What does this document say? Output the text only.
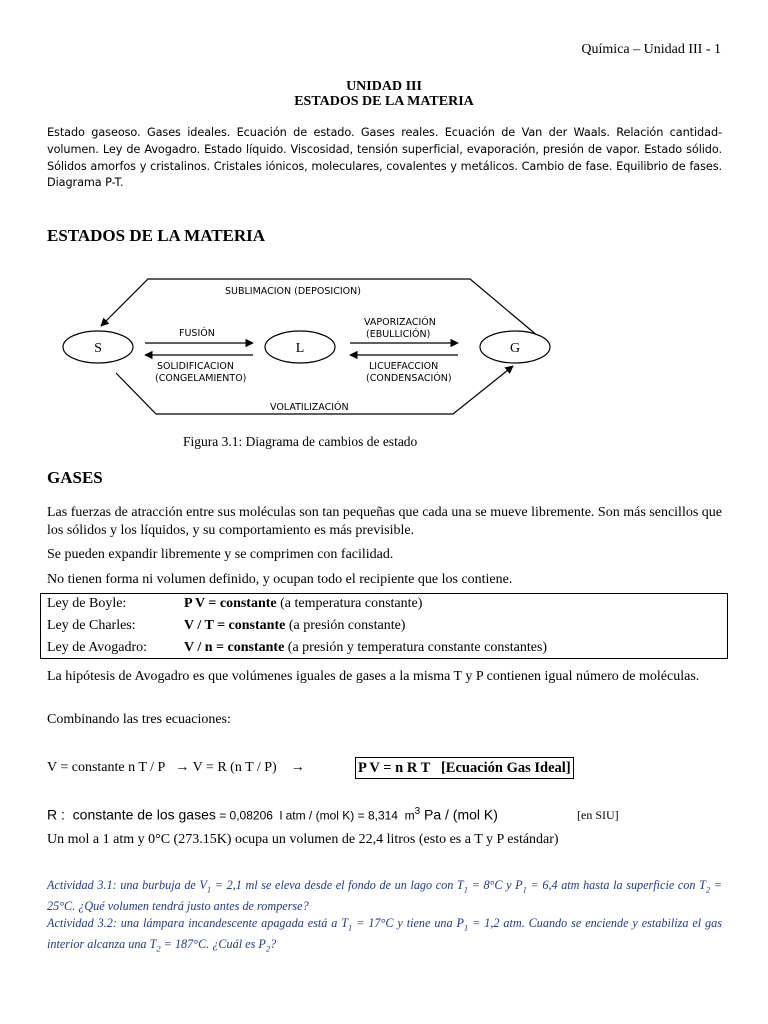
Química – Unidad III - 1
UNIDAD III
ESTADOS DE LA MATERIA
Estado gaseoso. Gases ideales. Ecuación de estado. Gases reales. Ecuación de Van der Waals. Relación cantidad-volumen. Ley de Avogadro. Estado líquido. Viscosidad, tensión superficial, evaporación, presión de vapor. Estado sólido. Sólidos amorfos y cristalinos. Cristales iónicos, moleculares, covalentes y metálicos. Cambio de fase. Equilibrio de fases. Diagrama P-T.
ESTADOS DE LA MATERIA
S	L	G
SUBLIMACION (DEPOSICION)
FUSIÓN
SOLIDIFICACION
(CONGELAMIENTO)
VAPORIZACIÓN
(EBULLICIÓN)
LICUEFACCION
(CONDENSACIÓN)
VOLATILIZACIÓN
Figura 3.1: Diagrama de cambios de estado
GASES
Las fuerzas de atracción entre sus moléculas son tan pequeñas que cada una se mueve libremente. Son más sencillos que los sólidos y los líquidos, y su comportamiento es más previsible.
Se pueden expandir libremente y se comprimen con facilidad.
No tienen forma ni volumen definido, y ocupan todo el recipiente que los contiene.
Ley de Boyle:	P V = constante (a temperatura constante)
Ley de Charles:	V / T = constante (a presión constante)
Ley de Avogadro:	V / n = constante (a presión y temperatura constante constantes)
La hipótesis de Avogadro es que volúmenes iguales de gases a la misma T y P contienen igual número de moléculas.
Combinando las tres ecuaciones:
V = constante n T / P   → V = R (n T / P)    →	P V = n R T   [Ecuación Gas Ideal]
R :  constante de los gases = 0,08206  l atm / (mol K) = 8,314  $m^3$ Pa / (mol K)	[en SIU]
Un mol a 1 atm y 0°C (273.15K) ocupa un volumen de 22,4 litros (esto es a T y P estándar)
Actividad 3.1: una burbuja de $V_1 = 2,1$ ml se eleva desde el fondo de un lago con $T_1 = 8^\circ C$ y $P_1 = 6,4$ atm hasta la superficie con $T_2 = 25^\circ C$. ¿Qué volumen tendrá justo antes de romperse?
Actividad 3.2: una lámpara incandescente apagada está a $T_1 = 17^\circ C$ y tiene una $P_1 = 1,2$ atm. Cuando se enciende y estabiliza el gas interior alcanza una $T_2 = 187^\circ C$. ¿Cuál es $P_2$?
